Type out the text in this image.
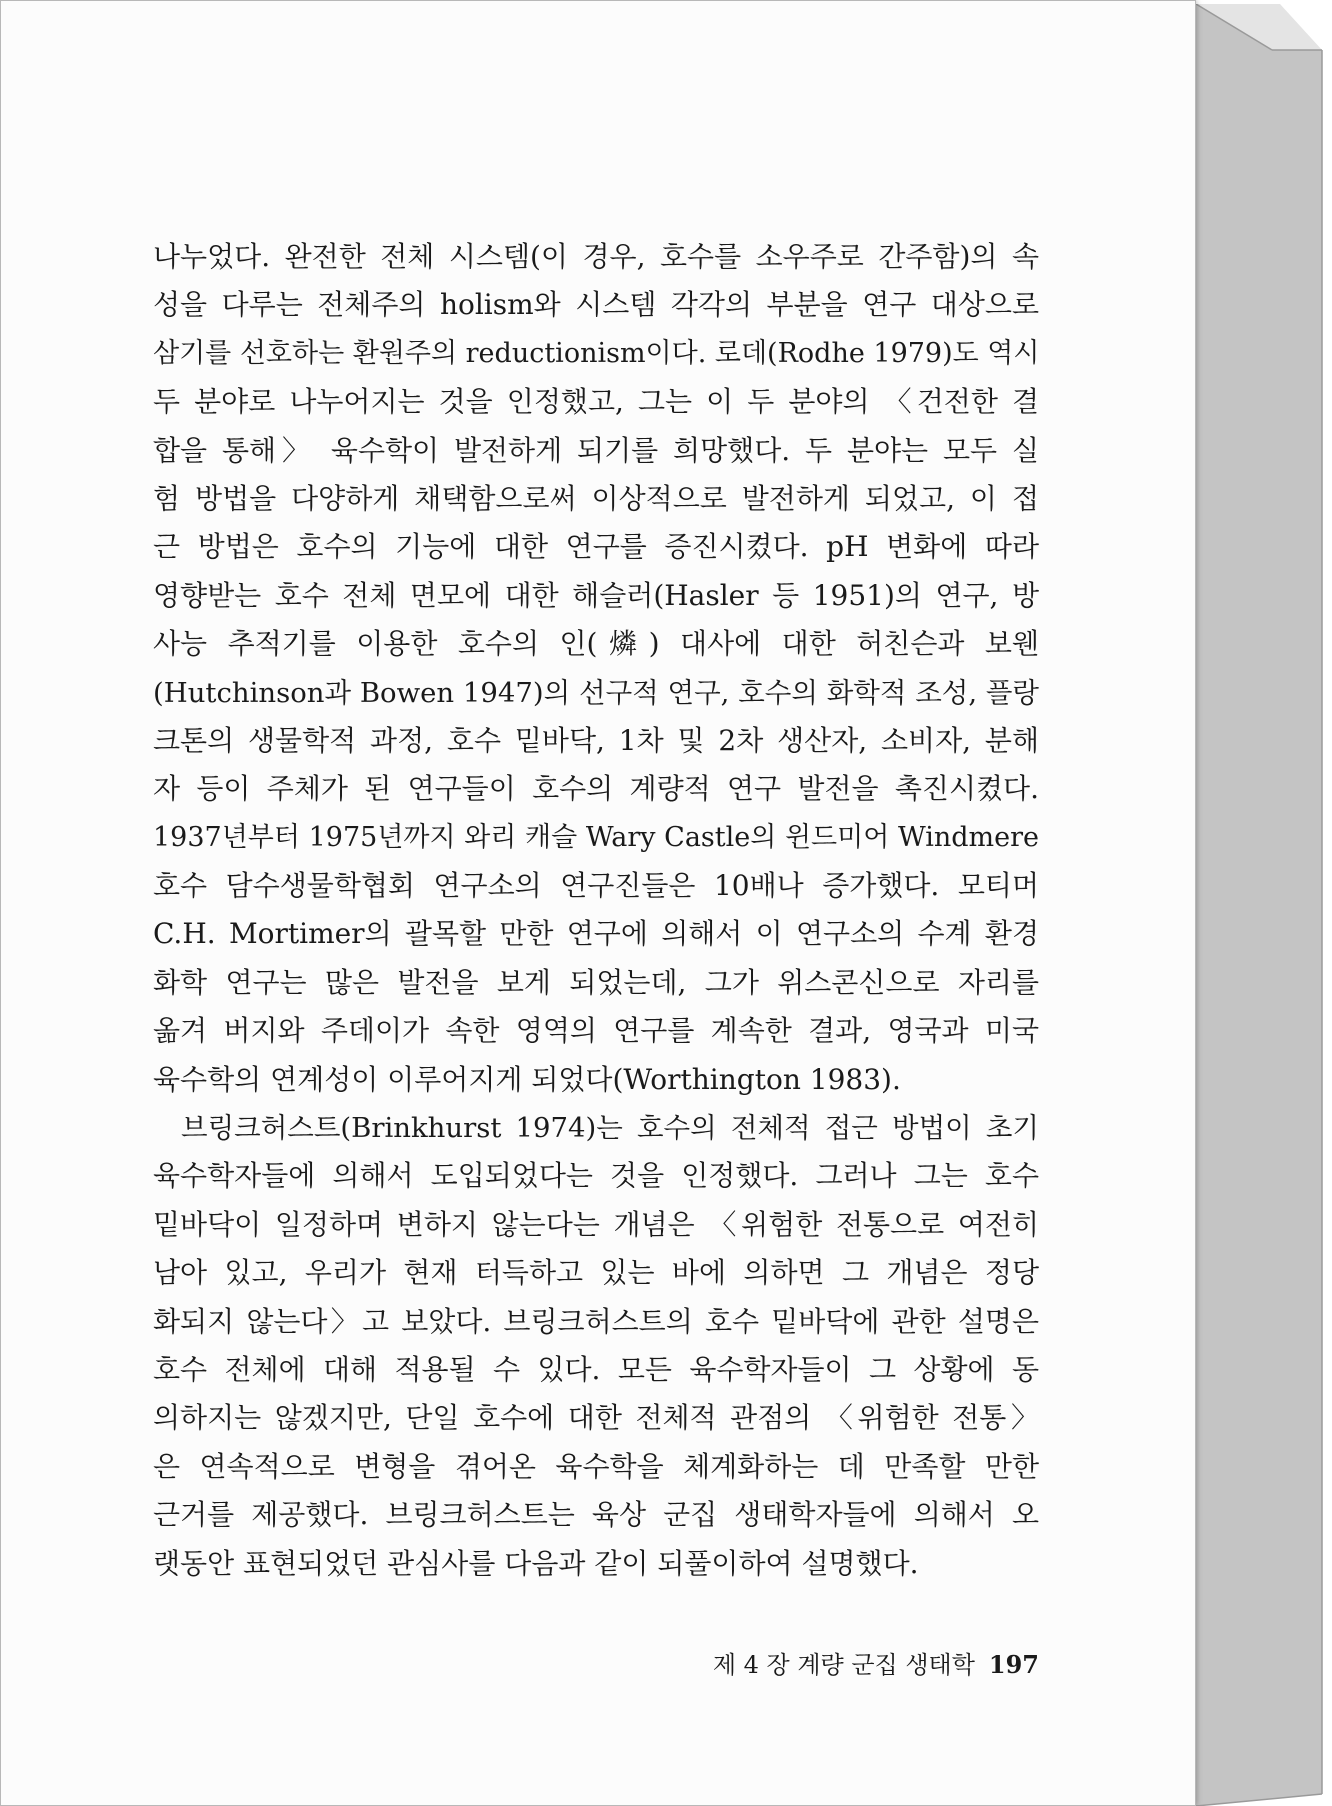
나누었다. 완전한 전체 시스템(이 경우, 호수를 소우주로 간주함)의 속
성을 다루는 전체주의 holism와 시스템 각각의 부분을 연구 대상으로
삼기를 선호하는 환원주의 reductionism이다. 로데(Rodhe 1979)도 역시
두 분야로 나누어지는 것을 인정했고, 그는 이 두 분야의 〈건전한 결
합을 통해〉 육수학이 발전하게 되기를 희망했다. 두 분야는 모두 실
험 방법을 다양하게 채택함으로써 이상적으로 발전하게 되었고, 이 접
근 방법은 호수의 기능에 대한 연구를 증진시켰다. pH 변화에 따라
영향받는 호수 전체 면모에 대한 해슬러(Hasler 등 1951)의 연구, 방
사능 추적기를 이용한 호수의 인(燐) 대사에 대한 허친슨과 보웬
(Hutchinson과 Bowen 1947)의 선구적 연구, 호수의 화학적 조성, 플랑
크톤의 생물학적 과정, 호수 밑바닥, 1차 및 2차 생산자, 소비자, 분해
자 등이 주체가 된 연구들이 호수의 계량적 연구 발전을 촉진시켰다.
1937년부터 1975년까지 와리 캐슬 Wary Castle의 윈드미어 Windmere
호수 담수생물학협회 연구소의 연구진들은 10배나 증가했다. 모티머
C.H. Mortimer의 괄목할 만한 연구에 의해서 이 연구소의 수계 환경
화학 연구는 많은 발전을 보게 되었는데, 그가 위스콘신으로 자리를
옮겨 버지와 주데이가 속한 영역의 연구를 계속한 결과, 영국과 미국
육수학의 연계성이 이루어지게 되었다(Worthington 1983).
브링크허스트(Brinkhurst 1974)는 호수의 전체적 접근 방법이 초기
육수학자들에 의해서 도입되었다는 것을 인정했다. 그러나 그는 호수
밑바닥이 일정하며 변하지 않는다는 개념은 〈위험한 전통으로 여전히
남아 있고, 우리가 현재 터득하고 있는 바에 의하면 그 개념은 정당
화되지 않는다〉고 보았다. 브링크허스트의 호수 밑바닥에 관한 설명은
호수 전체에 대해 적용될 수 있다. 모든 육수학자들이 그 상황에 동
의하지는 않겠지만, 단일 호수에 대한 전체적 관점의 〈위험한 전통〉
은 연속적으로 변형을 겪어온 육수학을 체계화하는 데 만족할 만한
근거를 제공했다. 브링크허스트는 육상 군집 생태학자들에 의해서 오
랫동안 표현되었던 관심사를 다음과 같이 되풀이하여 설명했다.
제 4 장 계량 군집 생태학 197
